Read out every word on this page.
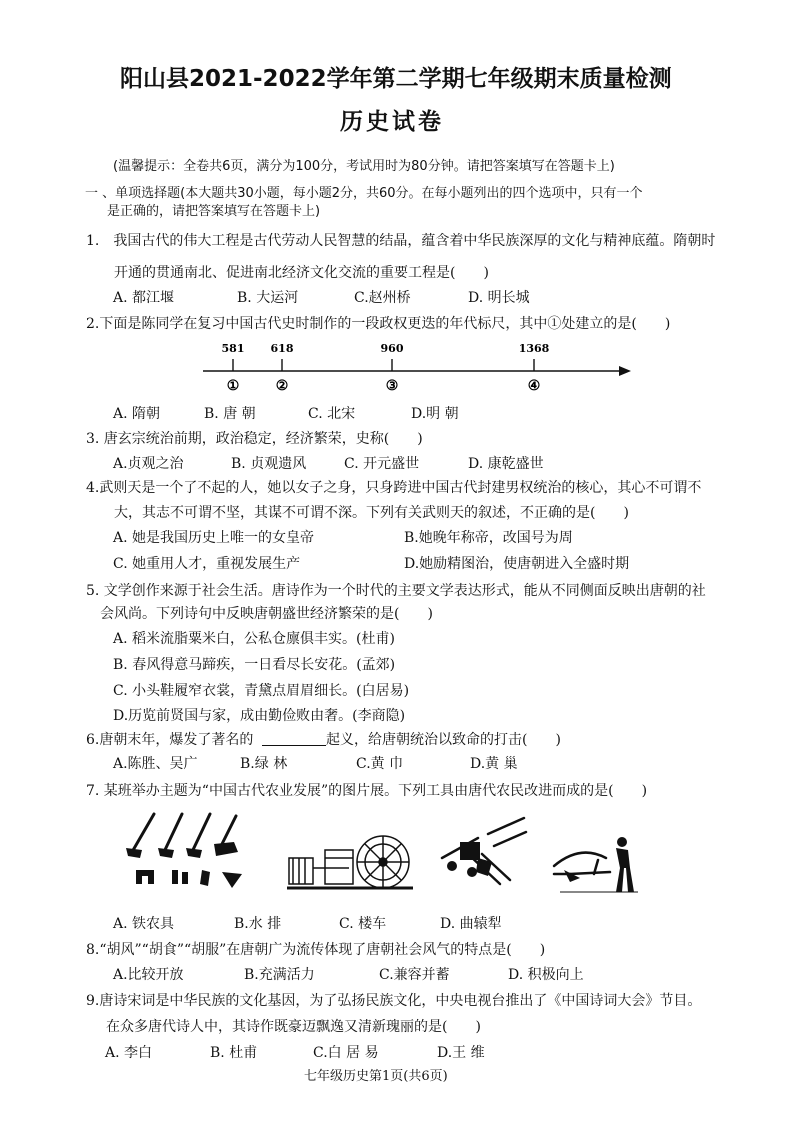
阳山县2021-2022学年第二学期七年级期末质量检测
历史试卷
(温馨提示：全卷共6页，满分为100分，考试用时为80分钟。请把答案填写在答题卡上)
一 、单项选择题(本大题共30小题，每小题2分，共60分。在每小题列出的四个选项中，只有一个
是正确的，请把答案填写在答题卡上)
1.　我国古代的伟大工程是古代劳动人民智慧的结晶，蕴含着中华民族深厚的文化与精神底蕴。隋朝时
开通的贯通南北、促进南北经济文化交流的重要工程是(　　)
A. 都江堰	B. 大运河	C.赵州桥	D. 明长城
2.下面是陈同学在复习中国古代史时制作的一段政权更迭的年代标尺，其中①处建立的是(　　)
581 618	960	1368
①	②	③	④
A. 隋朝	B. 唐 朝	C. 北宋	D.明 朝
3. 唐玄宗统治前期，政治稳定，经济繁荣，史称(　　)
A.贞观之治	B. 贞观遗风	C. 开元盛世	D. 康乾盛世
4.武则天是一个了不起的人，她以女子之身，只身跨进中国古代封建男权统治的核心，其心不可谓不
大，其志不可谓不坚，其谋不可谓不深。下列有关武则天的叙述，不正确的是(　　)
A. 她是我国历史上唯一的女皇帝	B.她晚年称帝，改国号为周
C. 她重用人才，重视发展生产	D.她励精图治，使唐朝进入全盛时期
5. 文学创作来源于社会生活。唐诗作为一个时代的主要文学表达形式，能从不同侧面反映出唐朝的社
会风尚。下列诗句中反映唐朝盛世经济繁荣的是(　　)
A. 稻米流脂粟米白，公私仓廪俱丰实。(杜甫)
B. 春风得意马蹄疾，一日看尽长安花。(孟郊)
C. 小头鞋履窄衣裳，青黛点眉眉细长。(白居易)
D.历览前贤国与家，成由勤俭败由奢。(李商隐)
6.唐朝末年，爆发了著名的	起义，给唐朝统治以致命的打击(　　)
A.陈胜、吴广	B.绿 林	C.黄 巾	D.黄 巢
7. 某班举办主题为“中国古代农业发展”的图片展。下列工具由唐代农民改进而成的是(　　)
A. 铁农具	B.水 排	C. 楼车	D. 曲辕犁
8.“胡风”“胡食”“胡服”在唐朝广为流传体现了唐朝社会风气的特点是(　　)
A.比较开放	B.充满活力	C.兼容并蓄	D. 积极向上
9.唐诗宋词是中华民族的文化基因，为了弘扬民族文化，中央电视台推出了《中国诗词大会》节目。
在众多唐代诗人中，其诗作既豪迈飘逸又清新瑰丽的是(　　)
A. 李白	B. 杜甫	C.白 居 易	D.王 维
七年级历史第1页(共6页)
